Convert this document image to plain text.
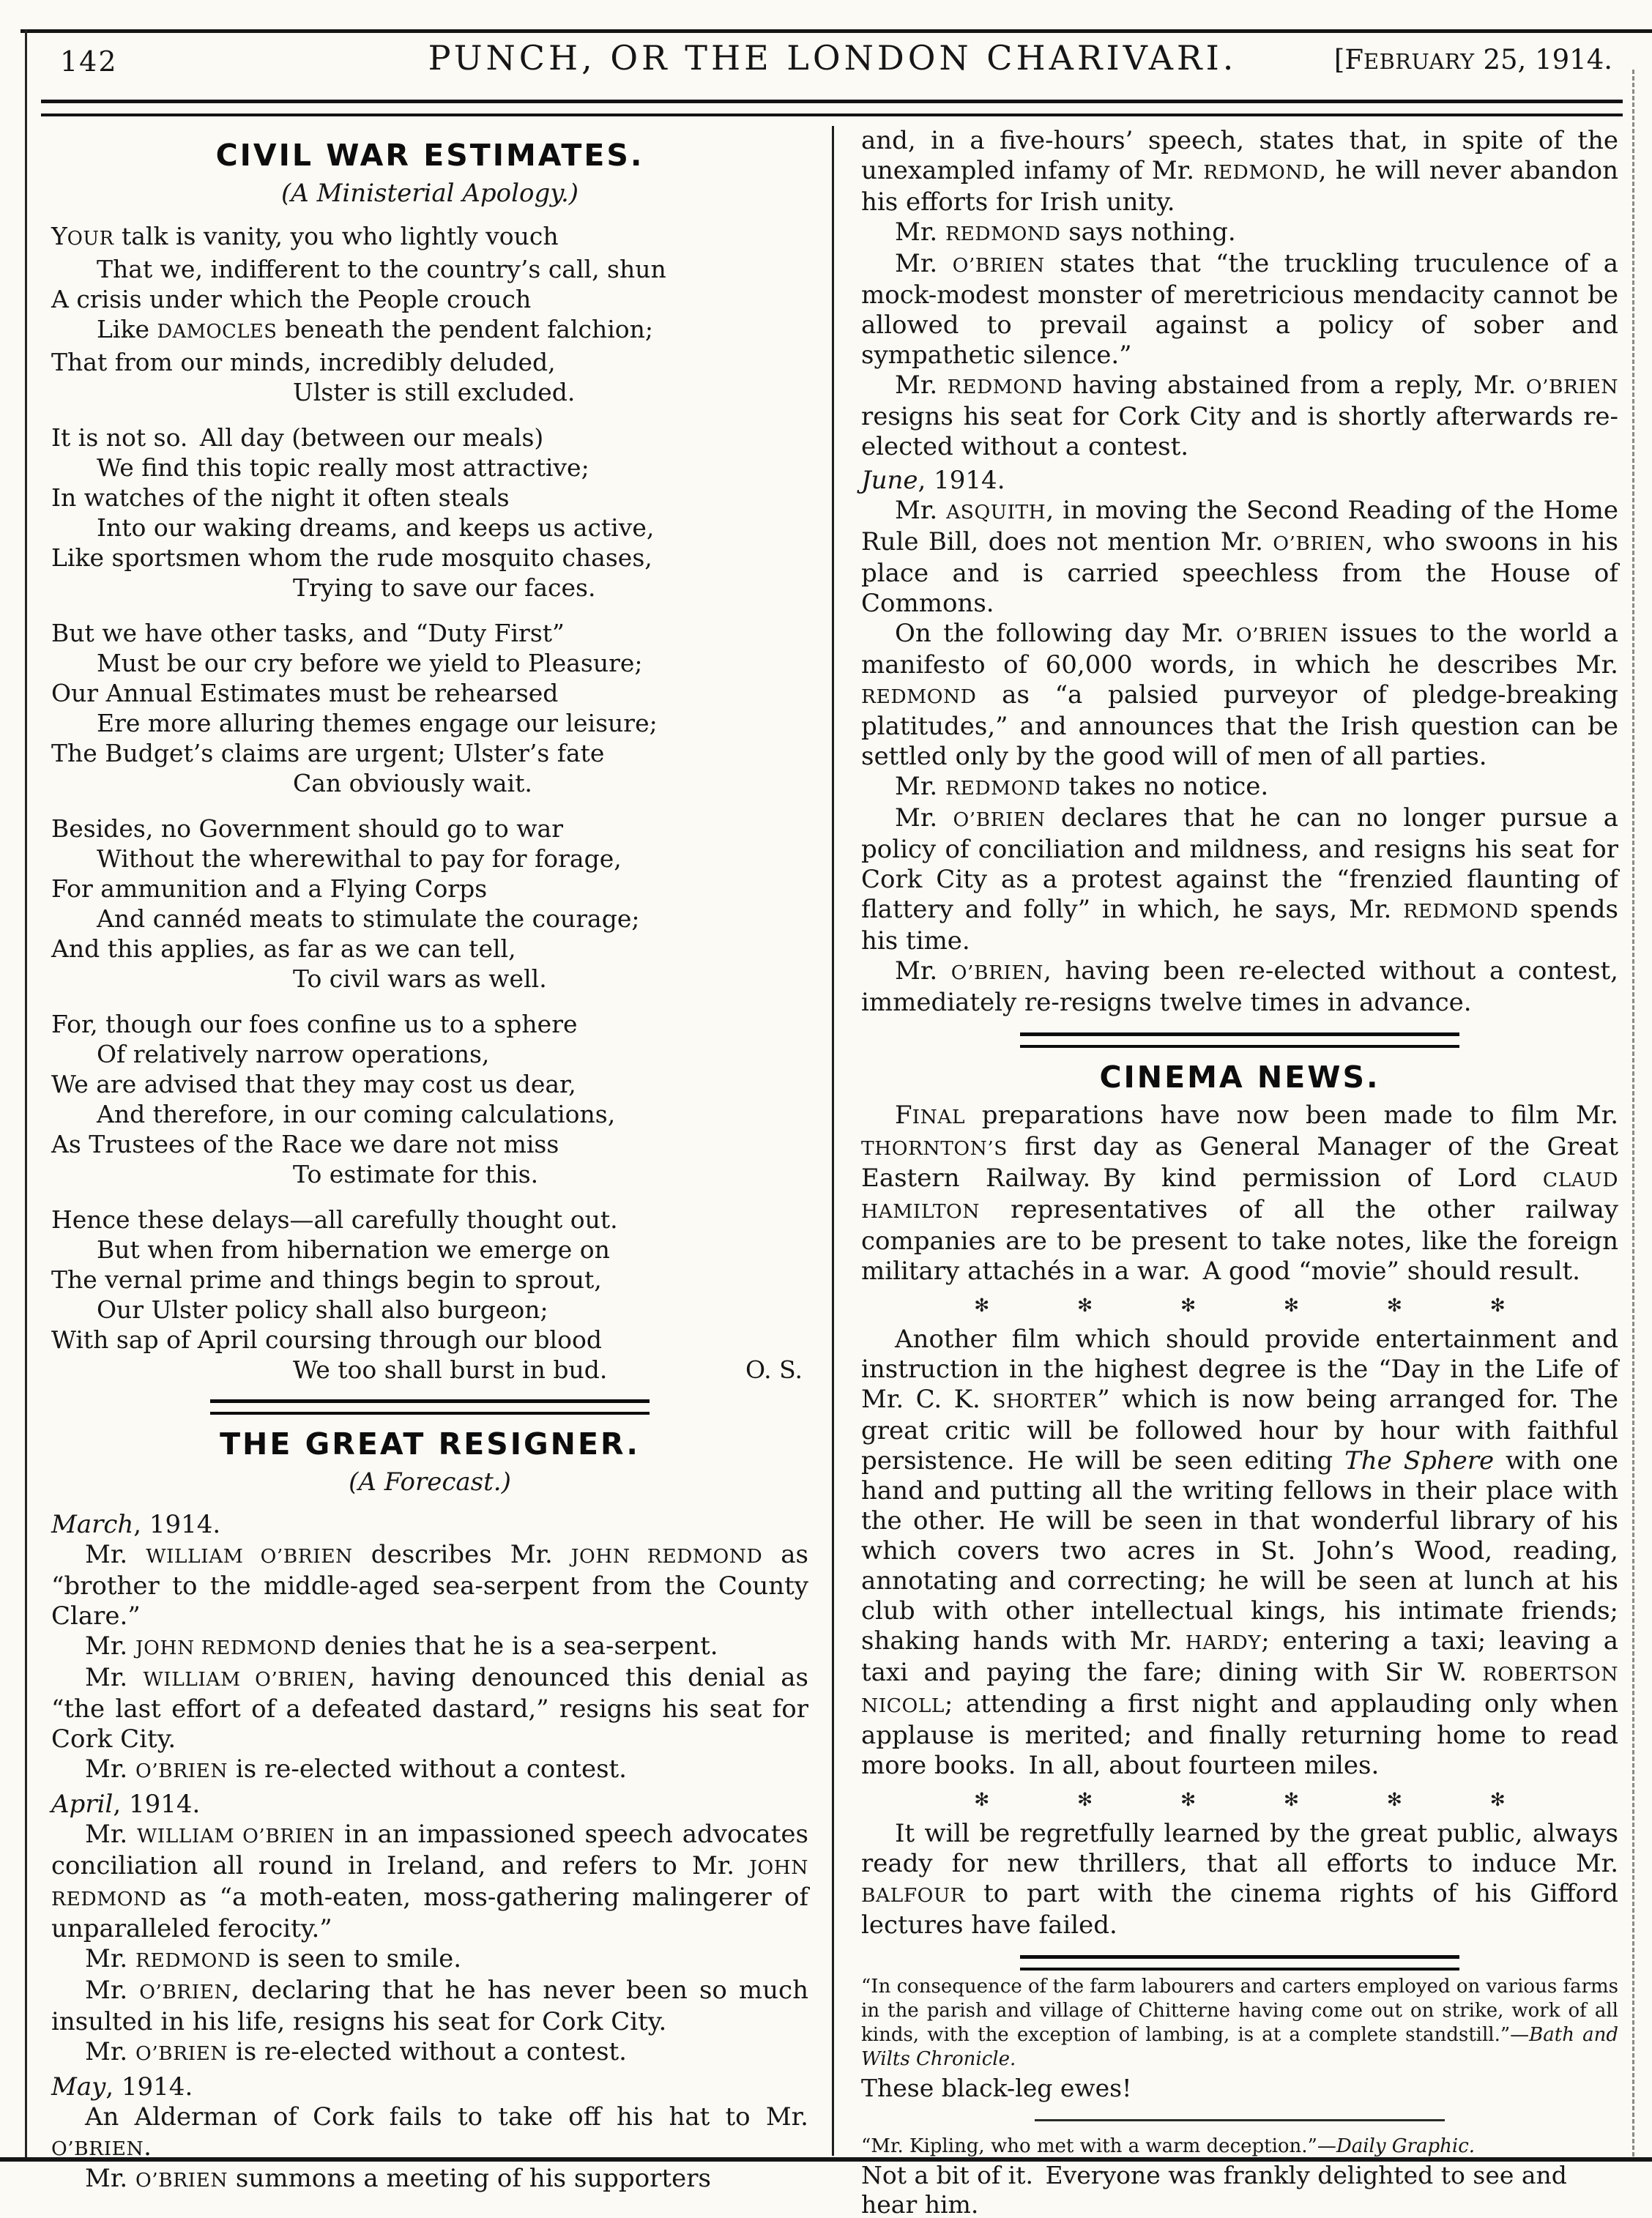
142	PUNCH, OR THE LONDON CHARIVARI.	[FEBRUARY 25, 1914.
CIVIL WAR ESTIMATES.
(A Ministerial Apology.)
YOUR talk is vanity, you who lightly vouch
That we, indifferent to the country’s call, shun
A crisis under which the People crouch
Like DAMOCLES beneath the pendent falchion;
That from our minds, incredibly deluded,
Ulster is still excluded.
It is not so. All day (between our meals)
We find this topic really most attractive;
In watches of the night it often steals
Into our waking dreams, and keeps us active,
Like sportsmen whom the rude mosquito chases,
Trying to save our faces.
But we have other tasks, and “Duty First”
Must be our cry before we yield to Pleasure;
Our Annual Estimates must be rehearsed
Ere more alluring themes engage our leisure;
The Budget’s claims are urgent; Ulster’s fate
Can obviously wait.
Besides, no Government should go to war
Without the wherewithal to pay for forage,
For ammunition and a Flying Corps
And cannéd meats to stimulate the courage;
And this applies, as far as we can tell,
To civil wars as well.
For, though our foes confine us to a sphere
Of relatively narrow operations,
We are advised that they may cost us dear,
And therefore, in our coming calculations,
As Trustees of the Race we dare not miss
To estimate for this.
Hence these delays—all carefully thought out.
But when from hibernation we emerge on
The vernal prime and things begin to sprout,
Our Ulster policy shall also burgeon;
With sap of April coursing through our blood
We too shall burst in bud.	O. S.
THE GREAT RESIGNER.
(A Forecast.)
March, 1914.
Mr. WILLIAM O’BRIEN describes Mr. JOHN REDMOND as “brother to the middle-aged sea-serpent from the County Clare.”
Mr. JOHN REDMOND denies that he is a sea-serpent.
Mr. WILLIAM O’BRIEN, having denounced this denial as “the last effort of a defeated dastard,” resigns his seat for Cork City.
Mr. O’BRIEN is re-elected without a contest.
April, 1914.
Mr. WILLIAM O’BRIEN in an impassioned speech advocates conciliation all round in Ireland, and refers to Mr. JOHN REDMOND as “a moth-eaten, moss-gathering malingerer of unparalleled ferocity.”
Mr. REDMOND is seen to smile.
Mr. O’BRIEN, declaring that he has never been so much insulted in his life, resigns his seat for Cork City.
Mr. O’BRIEN is re-elected without a contest.
May, 1914.
An Alderman of Cork fails to take off his hat to Mr. O’BRIEN.
Mr. O’BRIEN summons a meeting of his supporters
and, in a five-hours’ speech, states that, in spite of the unexampled infamy of Mr. REDMOND, he will never abandon his efforts for Irish unity.
Mr. REDMOND says nothing.
Mr. O’BRIEN states that “the truckling truculence of a mock-modest monster of meretricious mendacity cannot be allowed to prevail against a policy of sober and sympathetic silence.”
Mr. REDMOND having abstained from a reply, Mr. O’BRIEN resigns his seat for Cork City and is shortly afterwards re-elected without a contest.
June, 1914.
Mr. ASQUITH, in moving the Second Reading of the Home Rule Bill, does not mention Mr. O’BRIEN, who swoons in his place and is carried speechless from the House of Commons.
On the following day Mr. O’BRIEN issues to the world a manifesto of 60,000 words, in which he describes Mr. REDMOND as “a palsied purveyor of pledge-breaking platitudes,” and announces that the Irish question can be settled only by the good will of men of all parties.
Mr. REDMOND takes no notice.
Mr. O’BRIEN declares that he can no longer pursue a policy of conciliation and mildness, and resigns his seat for Cork City as a protest against the “frenzied flaunting of flattery and folly” in which, he says, Mr. REDMOND spends his time.
Mr. O’BRIEN, having been re-elected without a contest, immediately re-resigns twelve times in advance.
CINEMA NEWS.
FINAL preparations have now been made to film Mr. THORNTON’S first day as General Manager of the Great Eastern Railway. By kind permission of Lord CLAUD HAMILTON representatives of all the other railway companies are to be present to take notes, like the foreign military attachés in a war. A good “movie” should result.
✻ ✻ ✻ ✻ ✻ ✻
Another film which should provide entertainment and instruction in the highest degree is the “Day in the Life of Mr. C. K. SHORTER” which is now being arranged for. The great critic will be followed hour by hour with faithful persistence. He will be seen editing The Sphere with one hand and putting all the writing fellows in their place with the other. He will be seen in that wonderful library of his which covers two acres in St. John’s Wood, reading, annotating and correcting; he will be seen at lunch at his club with other intellectual kings, his intimate friends; shaking hands with Mr. HARDY; entering a taxi; leaving a taxi and paying the fare; dining with Sir W. ROBERTSON NICOLL; attending a first night and applauding only when applause is merited; and finally returning home to read more books. In all, about fourteen miles.
✻ ✻ ✻ ✻ ✻ ✻
It will be regretfully learned by the great public, always ready for new thrillers, that all efforts to induce Mr. BALFOUR to part with the cinema rights of his Gifford lectures have failed.
“In consequence of the farm labourers and carters employed on various farms in the parish and village of Chitterne having come out on strike, work of all kinds, with the exception of lambing, is at a complete standstill.”—Bath and Wilts Chronicle.
These black-leg ewes!
“Mr. Kipling, who met with a warm deception.”—Daily Graphic.
Not a bit of it. Everyone was frankly delighted to see and hear him.
